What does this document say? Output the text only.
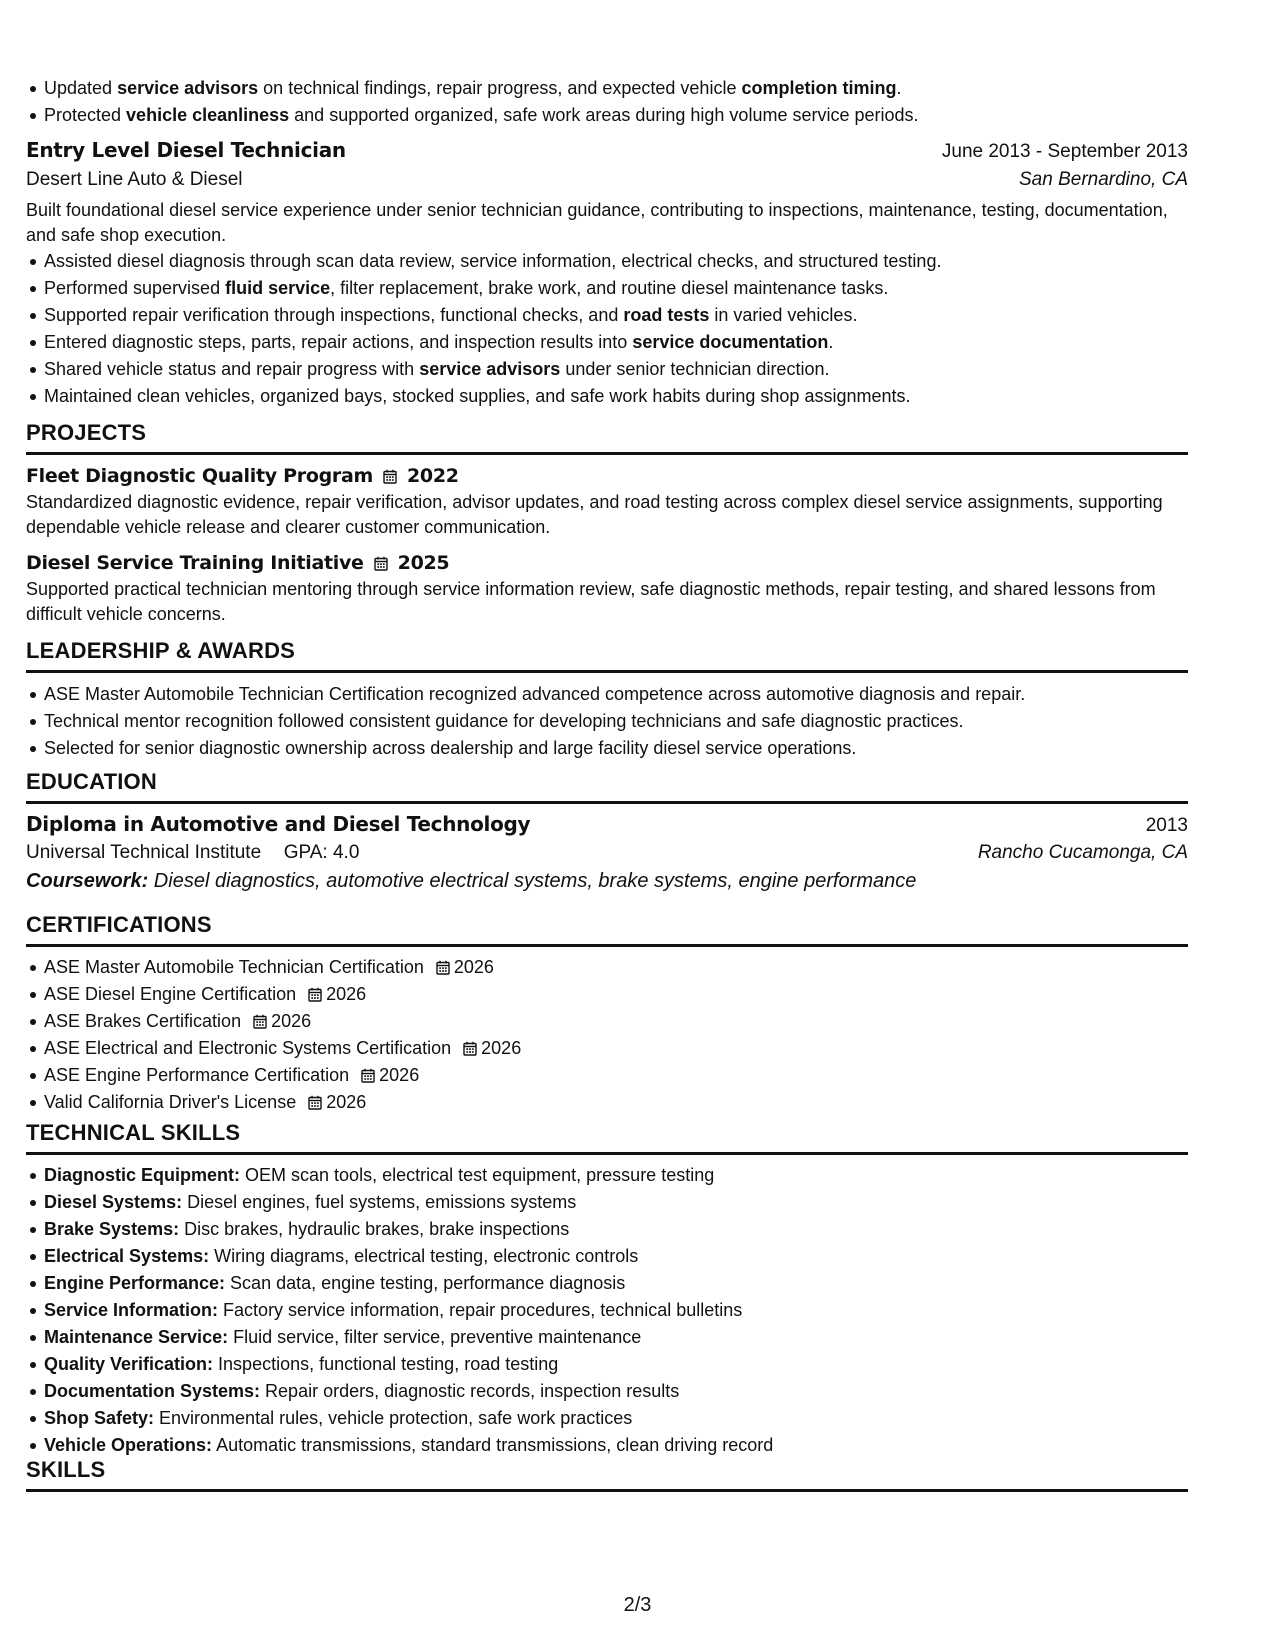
Updated service advisors on technical findings, repair progress, and expected vehicle completion timing.
Protected vehicle cleanliness and supported organized, safe work areas during high volume service periods.
Entry Level Diesel Technician	June 2013 - September 2013
Desert Line Auto & Diesel	San Bernardino, CA
Built foundational diesel service experience under senior technician guidance, contributing to inspections, maintenance, testing, documentation, and safe shop execution.
Assisted diesel diagnosis through scan data review, service information, electrical checks, and structured testing.
Performed supervised fluid service, filter replacement, brake work, and routine diesel maintenance tasks.
Supported repair verification through inspections, functional checks, and road tests in varied vehicles.
Entered diagnostic steps, parts, repair actions, and inspection results into service documentation.
Shared vehicle status and repair progress with service advisors under senior technician direction.
Maintained clean vehicles, organized bays, stocked supplies, and safe work habits during shop assignments.
PROJECTS
Fleet Diagnostic Quality Program 2022
Standardized diagnostic evidence, repair verification, advisor updates, and road testing across complex diesel service assignments, supporting dependable vehicle release and clearer customer communication.
Diesel Service Training Initiative 2025
Supported practical technician mentoring through service information review, safe diagnostic methods, repair testing, and shared lessons from difficult vehicle concerns.
LEADERSHIP & AWARDS
ASE Master Automobile Technician Certification recognized advanced competence across automotive diagnosis and repair.
Technical mentor recognition followed consistent guidance for developing technicians and safe diagnostic practices.
Selected for senior diagnostic ownership across dealership and large facility diesel service operations.
EDUCATION
Diploma in Automotive and Diesel Technology	2013
Universal Technical Institute GPA: 4.0	Rancho Cucamonga, CA
Coursework: Diesel diagnostics, automotive electrical systems, brake systems, engine performance
CERTIFICATIONS
ASE Master Automobile Technician Certification 2026
ASE Diesel Engine Certification 2026
ASE Brakes Certification 2026
ASE Electrical and Electronic Systems Certification 2026
ASE Engine Performance Certification 2026
Valid California Driver's License 2026
TECHNICAL SKILLS
Diagnostic Equipment: OEM scan tools, electrical test equipment, pressure testing
Diesel Systems: Diesel engines, fuel systems, emissions systems
Brake Systems: Disc brakes, hydraulic brakes, brake inspections
Electrical Systems: Wiring diagrams, electrical testing, electronic controls
Engine Performance: Scan data, engine testing, performance diagnosis
Service Information: Factory service information, repair procedures, technical bulletins
Maintenance Service: Fluid service, filter service, preventive maintenance
Quality Verification: Inspections, functional testing, road testing
Documentation Systems: Repair orders, diagnostic records, inspection results
Shop Safety: Environmental rules, vehicle protection, safe work practices
Vehicle Operations: Automatic transmissions, standard transmissions, clean driving record
SKILLS
2/3
